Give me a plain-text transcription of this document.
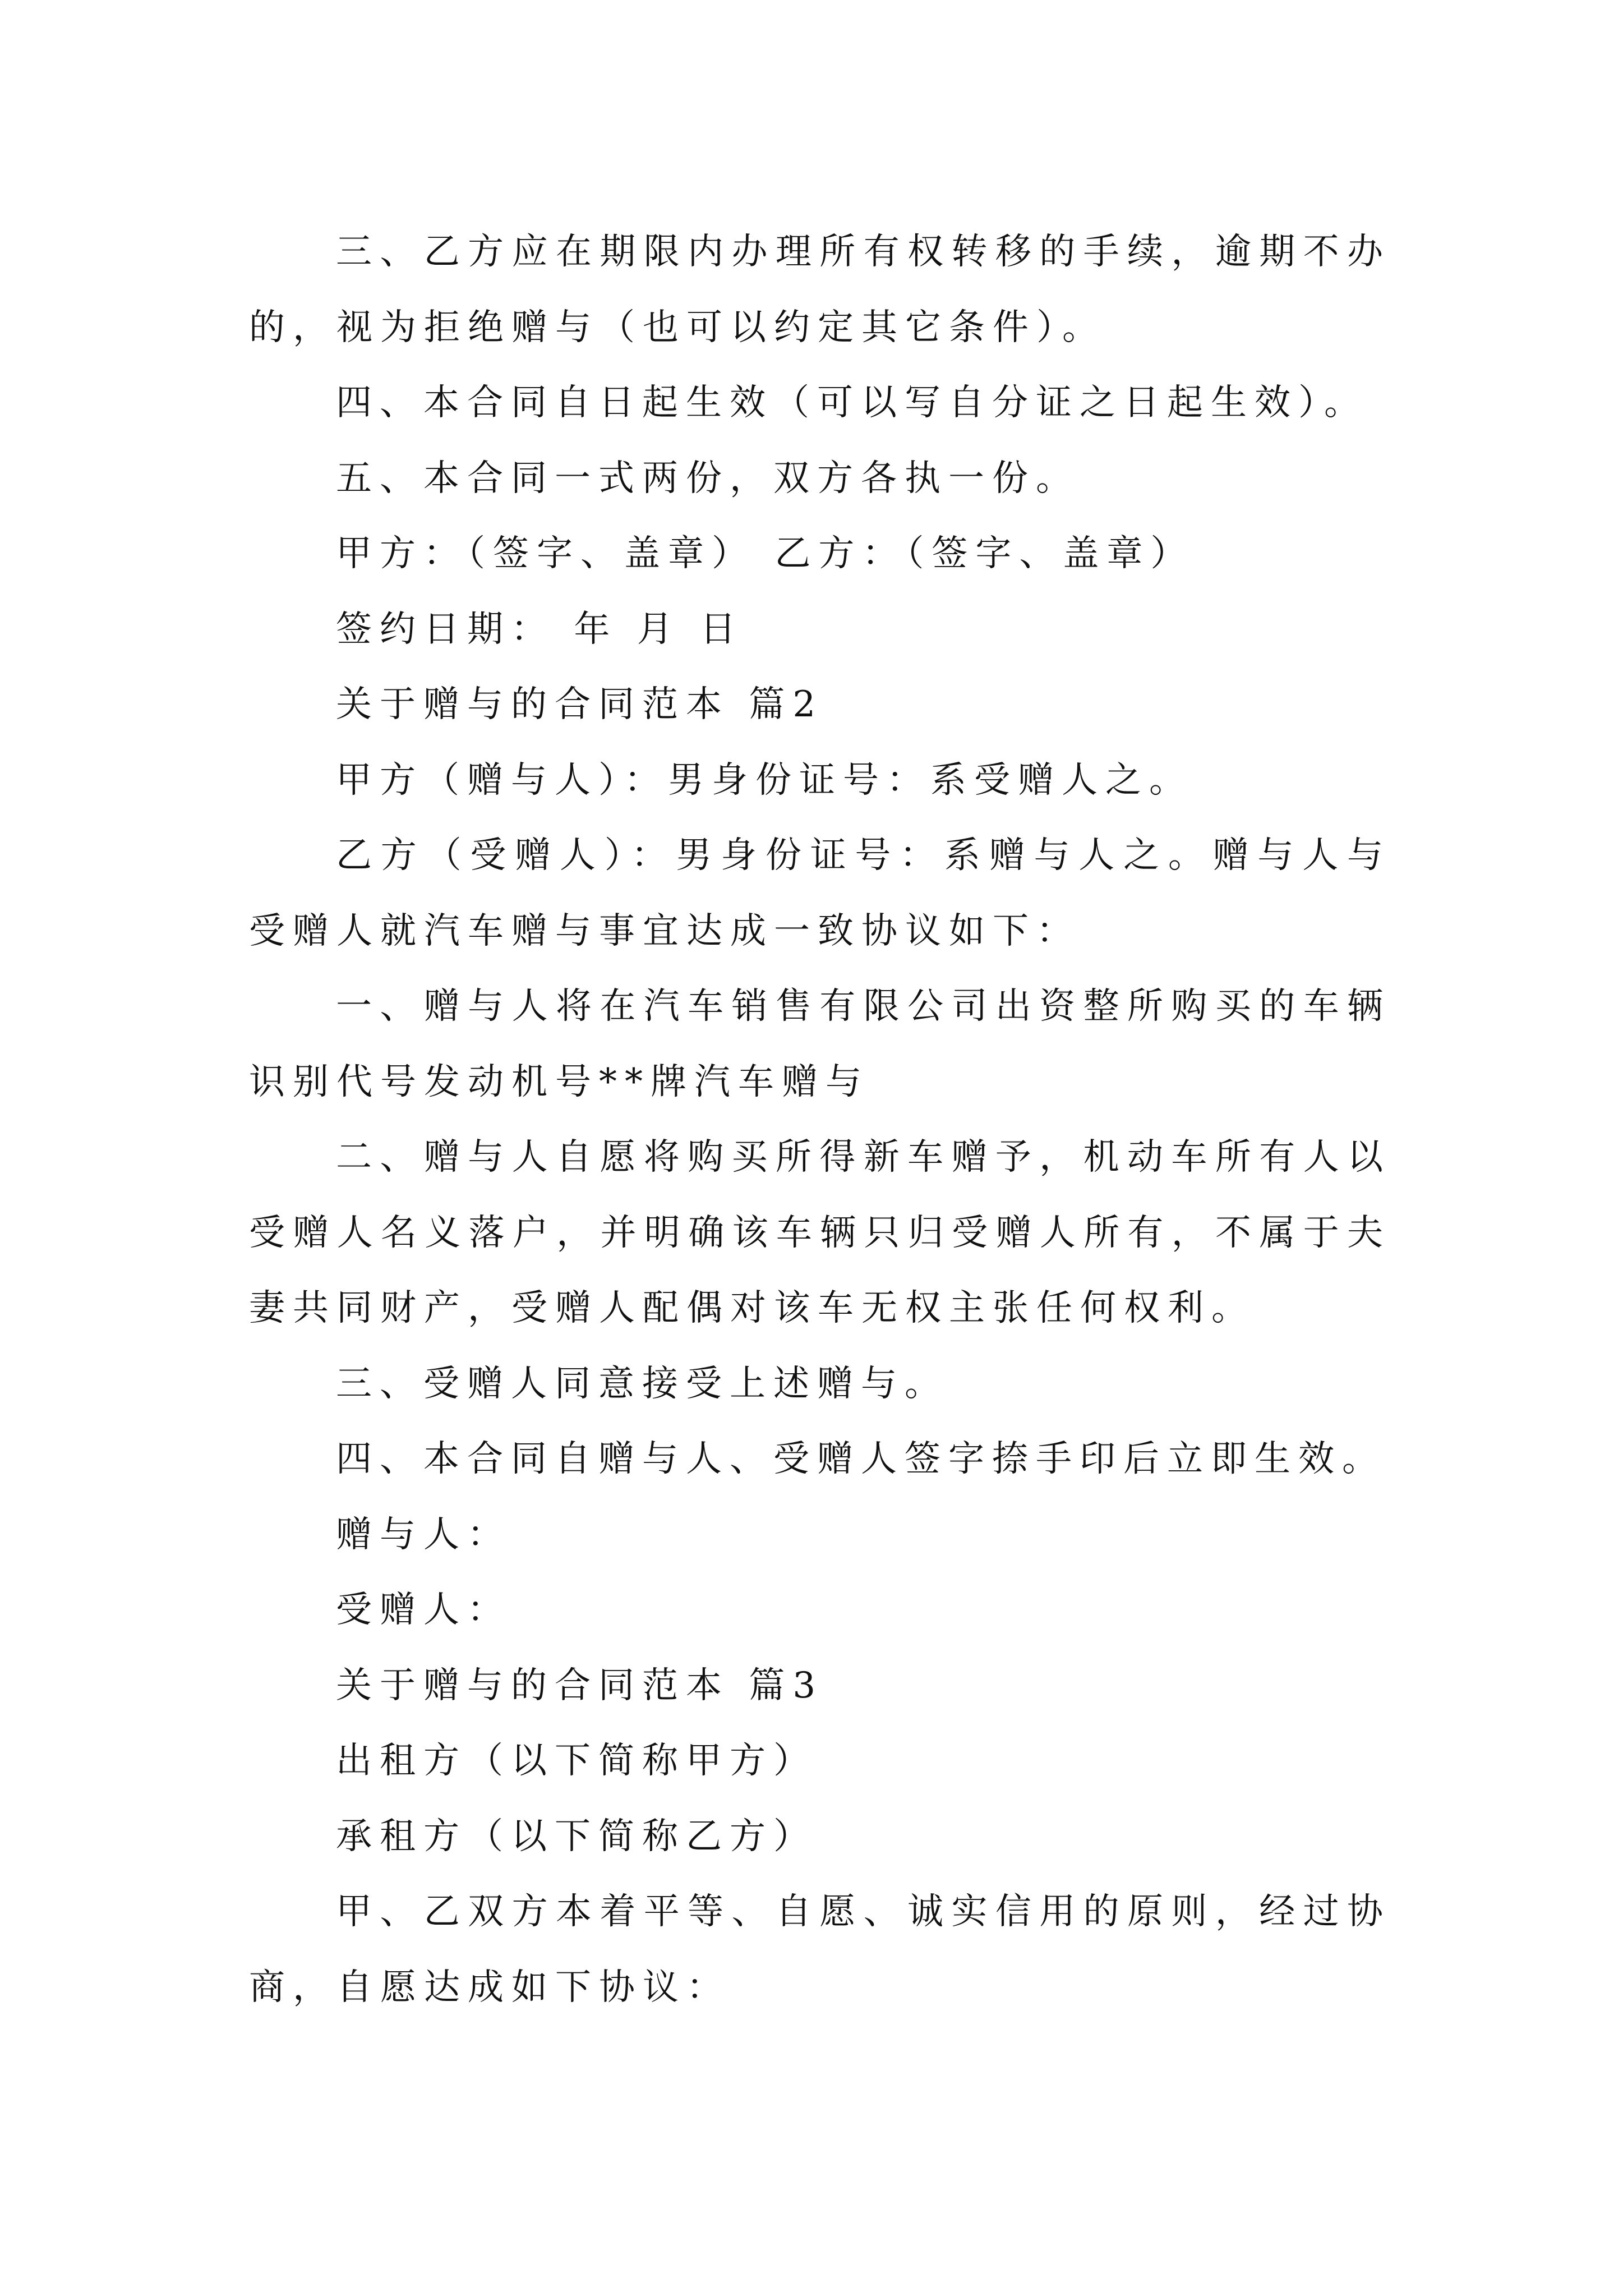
三、乙方应在期限内办理所有权转移的手续，逾期不办的，视为拒绝赠与（也可以约定其它条件）。

四、本合同自日起生效（可以写自分证之日起生效）。

五、本合同一式两份，双方各执一份。

甲方：（签字、盖章） 乙方：（签字、盖章）

签约日期： 年 月 日

关于赠与的合同范本 篇2

甲方（赠与人）：男身份证号：系受赠人之。

乙方（受赠人）：男身份证号：系赠与人之。赠与人与受赠人就汽车赠与事宜达成一致协议如下：

一、赠与人将在汽车销售有限公司出资整所购买的车辆识别代号发动机号**牌汽车赠与

二、赠与人自愿将购买所得新车赠予，机动车所有人以受赠人名义落户，并明确该车辆只归受赠人所有，不属于夫妻共同财产，受赠人配偶对该车无权主张任何权利。

三、受赠人同意接受上述赠与。

四、本合同自赠与人、受赠人签字捺手印后立即生效。

赠与人：

受赠人：

关于赠与的合同范本 篇3

出租方（以下简称甲方）

承租方（以下简称乙方）

甲、乙双方本着平等、自愿、诚实信用的原则，经过协商，自愿达成如下协议：
